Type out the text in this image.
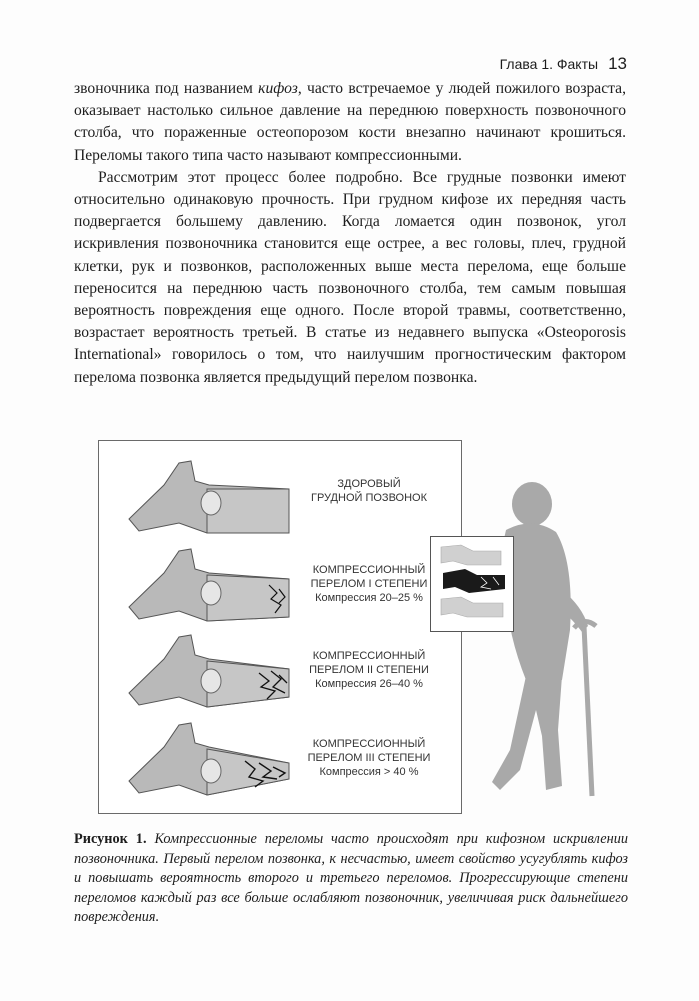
Глава 1. Факты 13

звоночника под названием кифоз, часто встречаемое у людей пожилого возраста, оказывает настолько сильное давление на переднюю поверхность позвоночного столба, что пораженные остеопорозом кости внезапно начинают крошиться. Переломы такого типа часто называют компрессионными.

Рассмотрим этот процесс более подробно. Все грудные позвонки имеют относительно одинаковую прочность. При грудном кифозе их передняя часть подвергается большему давлению. Когда ломается один позвонок, угол искривления позвоночника становится еще острее, а вес головы, плеч, грудной клетки, рук и позвонков, расположенных выше места перелома, еще больше переносится на переднюю часть позвоночного столба, тем самым повышая вероятность повреждения еще одного. После второй травмы, соответственно, возрастает вероятность третьей. В статье из недавнего выпуска «Osteoporosis International» говорилось о том, что наилучшим прогностическим фактором перелома позвонка является предыдущий перелом позвонка.

ЗДОРОВЫЙ
ГРУДНОЙ ПОЗВОНОК
КОМПРЕССИОННЫЙ
ПЕРЕЛОМ I СТЕПЕНИ
Компрессия 20–25 %
КОМПРЕССИОННЫЙ
ПЕРЕЛОМ II СТЕПЕНИ
Компрессия 26–40 %
КОМПРЕССИОННЫЙ
ПЕРЕЛОМ III СТЕПЕНИ
Компрессия > 40 %
Рисунок 1. Компрессионные переломы часто происходят при кифозном искривлении позвоночника. Первый перелом позвонка, к несчастью, имеет свойство усугублять кифоз и повышать вероятность второго и третьего переломов. Прогрессирующие степени переломов каждый раз все больше ослабляют позвоночник, увеличивая риск дальнейшего повреждения.
